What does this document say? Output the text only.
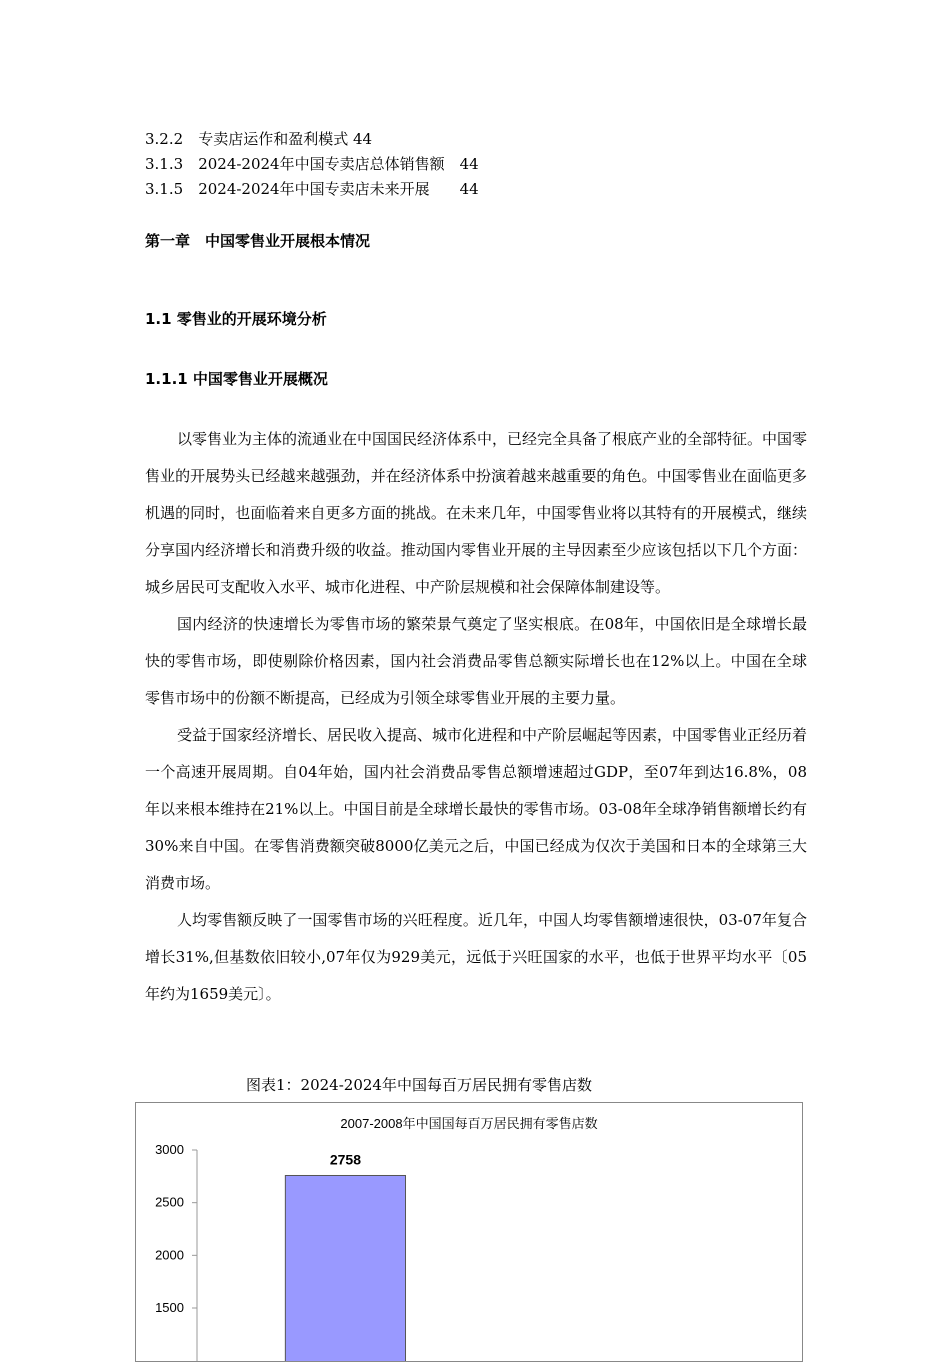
3.2.2　 专卖店运作和盈利模式 44
3.1.3　 2024-2024年中国专卖店总体销售额　 44
3.1.5　 2024-2024年中国专卖店未来开展　　 44
第一章　中国零售业开展根本情况
1.1 零售业的开展环境分析
1.1.1 中国零售业开展概况

以零售业为主体的流通业在中国国民经济体系中，已经完全具备了根底产业的全部特征。中国零售业的开展势头已经越来越强劲，并在经济体系中扮演着越来越重要的角色。中国零售业在面临更多机遇的同时，也面临着来自更多方面的挑战。在未来几年，中国零售业将以其特有的开展模式，继续分享国内经济增长和消费升级的收益。推动国内零售业开展的主导因素至少应该包括以下几个方面：城乡居民可支配收入水平、城市化进程、中产阶层规模和社会保障体制建设等。

国内经济的快速增长为零售市场的繁荣景气奠定了坚实根底。在08年，中国依旧是全球增长最快的零售市场，即使剔除价格因素，国内社会消费品零售总额实际增长也在12%以上。中国在全球零售市场中的份额不断提高，已经成为引领全球零售业开展的主要力量。

受益于国家经济增长、居民收入提高、城市化进程和中产阶层崛起等因素，中国零售业正经历着一个高速开展周期。自04年始，国内社会消费品零售总额增速超过GDP，至07年到达16.8%，08年以来根本维持在21%以上。中国目前是全球增长最快的零售市场。03-08年全球净销售额增长约有30%来自中国。在零售消费额突破8000亿美元之后，中国已经成为仅次于美国和日本的全球第三大消费市场。

人均零售额反映了一国零售市场的兴旺程度。近几年，中国人均零售额增速很快，03-07年复合增长31%,但基数依旧较小,07年仅为929美元，远低于兴旺国家的水平，也低于世界平均水平〔05年约为1659美元〕。

图表1：2024-2024年中国每百万居民拥有零售店数
2007-2008年中国国每百万居民拥有零售店数
1500
2000
2500
3000
2758
